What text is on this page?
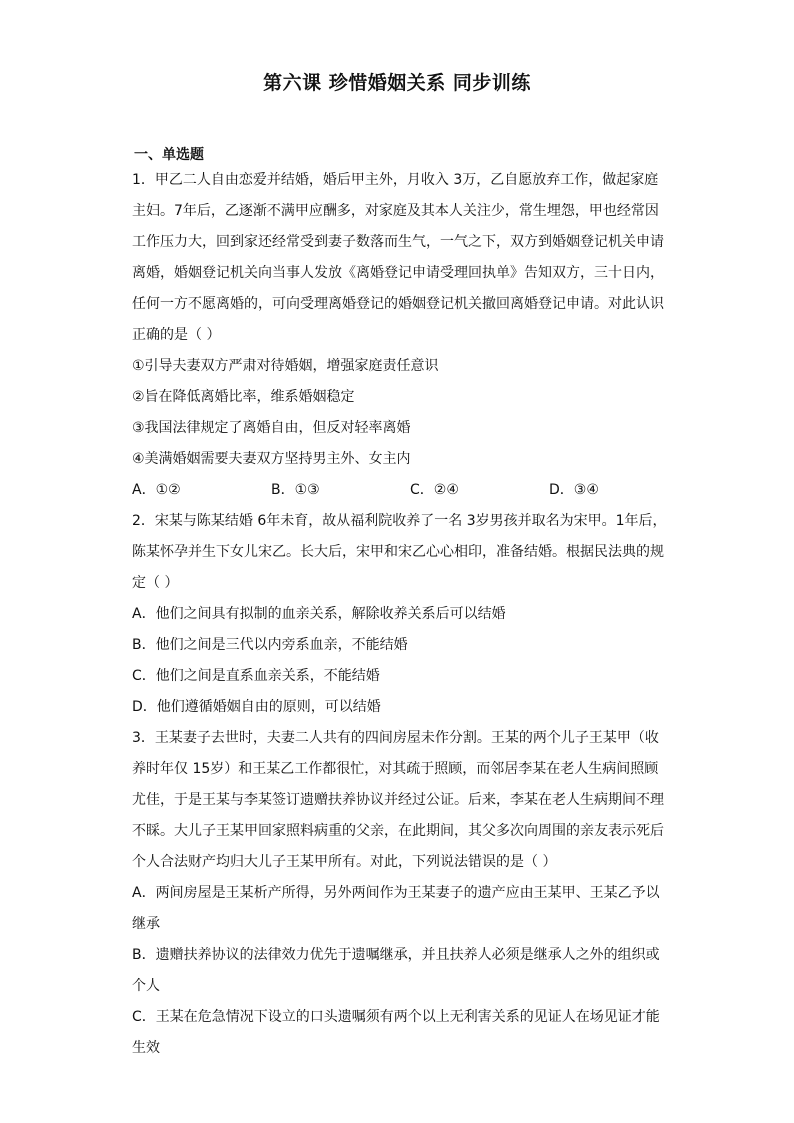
第六课 珍惜婚姻关系 同步训练
一、单选题
1．甲乙二人自由恋爱并结婚，婚后甲主外，月收入 3万，乙自愿放弃工作，做起家庭
主妇。7年后，乙逐渐不满甲应酬多，对家庭及其本人关注少，常生埋怨，甲也经常因
工作压力大，回到家还经常受到妻子数落而生气，一气之下，双方到婚姻登记机关申请
离婚，婚姻登记机关向当事人发放《离婚登记申请受理回执单》告知双方，三十日内，
任何一方不愿离婚的，可向受理离婚登记的婚姻登记机关撤回离婚登记申请。对此认识
正确的是（ ）
①引导夫妻双方严肃对待婚姻，增强家庭责任意识
②旨在降低离婚比率，维系婚姻稳定
③我国法律规定了离婚自由，但反对轻率离婚
④美满婚姻需要夫妻双方坚持男主外、女主内
A．①②	B．①③	C．②④	D．③④
2．宋某与陈某结婚 6年未育，故从福利院收养了一名 3岁男孩并取名为宋甲。1年后，
陈某怀孕并生下女儿宋乙。长大后，宋甲和宋乙心心相印，准备结婚。根据民法典的规
定（ ）
A．他们之间具有拟制的血亲关系，解除收养关系后可以结婚
B．他们之间是三代以内旁系血亲，不能结婚
C．他们之间是直系血亲关系，不能结婚
D．他们遵循婚姻自由的原则，可以结婚
3．王某妻子去世时，夫妻二人共有的四间房屋未作分割。王某的两个儿子王某甲（收
养时年仅 15岁）和王某乙工作都很忙，对其疏于照顾，而邻居李某在老人生病间照顾
尤佳，于是王某与李某签订遗赠扶养协议并经过公证。后来，李某在老人生病期间不理
不睬。大儿子王某甲回家照料病重的父亲，在此期间，其父多次向周围的亲友表示死后
个人合法财产均归大儿子王某甲所有。对此，下列说法错误的是（ ）
A．两间房屋是王某析产所得，另外两间作为王某妻子的遗产应由王某甲、王某乙予以
继承
B．遗赠扶养协议的法律效力优先于遗嘱继承，并且扶养人必须是继承人之外的组织或
个人
C．王某在危急情况下设立的口头遗嘱须有两个以上无利害关系的见证人在场见证才能
生效
